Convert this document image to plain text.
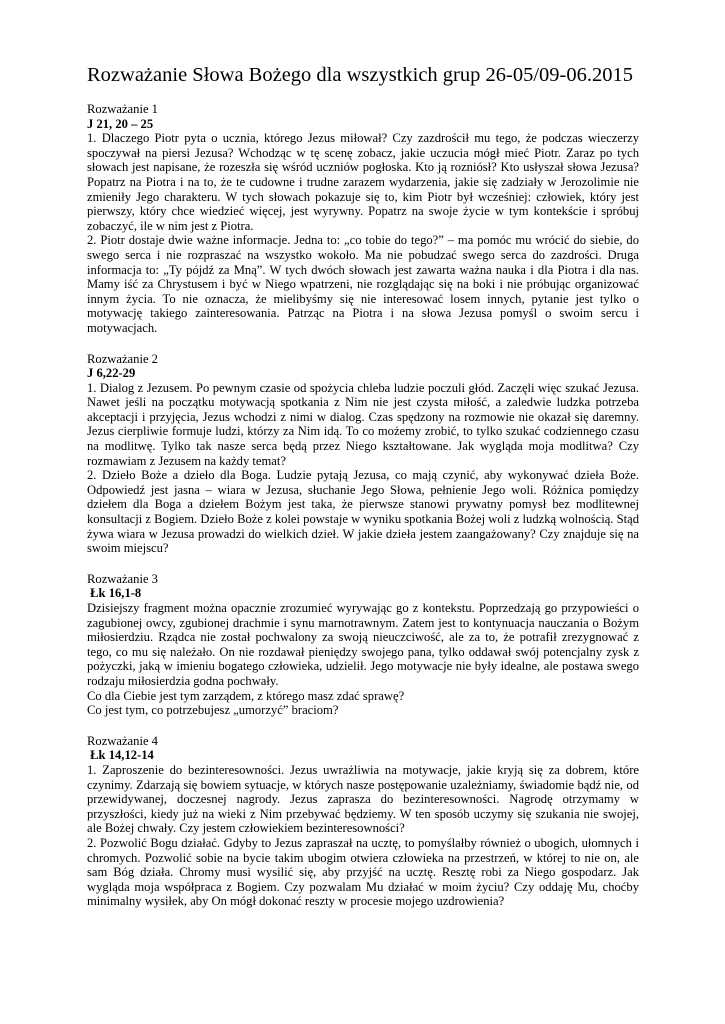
Rozważanie Słowa Bożego dla wszystkich grup 26-05/09-06.2015
Rozważanie 1
J 21, 20 – 25

1. Dlaczego Piotr pyta o ucznia, którego Jezus miłował? Czy zazdrościł mu tego, że podczas wieczerzy spoczywał na piersi Jezusa? Wchodząc w tę scenę zobacz, jakie uczucia mógł mieć Piotr. Zaraz po tych słowach jest napisane, że rozeszła się wśród uczniów pogłoska. Kto ją rozniósł? Kto usłyszał słowa Jezusa? Popatrz na Piotra i na to, że te cudowne i trudne zarazem wydarzenia, jakie się zadziały w Jerozolimie nie zmieniły Jego charakteru. W tych słowach pokazuje się to, kim Piotr był wcześniej: człowiek, który jest pierwszy, który chce wiedzieć więcej, jest wyrywny. Popatrz na swoje życie w tym kontekście i spróbuj zobaczyć, ile w nim jest z Piotra.

2. Piotr dostaje dwie ważne informacje. Jedna to: „co tobie do tego?” – ma pomóc mu wrócić do siebie, do swego serca i nie rozpraszać na wszystko wokoło. Ma nie pobudzać swego serca do zazdrości. Druga informacja to: „Ty pójdź za Mną”. W tych dwóch słowach jest zawarta ważna nauka i dla Piotra i dla nas. Mamy iść za Chrystusem i być w Niego wpatrzeni, nie rozglądając się na boki i nie próbując organizować innym życia. To nie oznacza, że mielibyśmy się nie interesować losem innych, pytanie jest tylko o motywację takiego zainteresowania. Patrząc na Piotra i na słowa Jezusa pomyśl o swoim sercu i motywacjach.

Rozważanie 2
J 6,22-29

1. Dialog z Jezusem. Po pewnym czasie od spożycia chleba ludzie poczuli głód. Zaczęli więc szukać Jezusa. Nawet jeśli na początku motywacją spotkania z Nim nie jest czysta miłość, a zaledwie ludzka potrzeba akceptacji i przyjęcia, Jezus wchodzi z nimi w dialog. Czas spędzony na rozmowie nie okazał się daremny. Jezus cierpliwie formuje ludzi, którzy za Nim idą. To co możemy zrobić, to tylko szukać codziennego czasu na modlitwę. Tylko tak nasze serca będą przez Niego kształtowane. Jak wygląda moja modlitwa? Czy rozmawiam z Jezusem na każdy temat?

2. Dzieło Boże a dzieło dla Boga. Ludzie pytają Jezusa, co mają czynić, aby wykonywać dzieła Boże. Odpowiedź jest jasna – wiara w Jezusa, słuchanie Jego Słowa, pełnienie Jego woli. Różnica pomiędzy dziełem dla Boga a dziełem Bożym jest taka, że pierwsze stanowi prywatny pomysł bez modlitewnej konsultacji z Bogiem. Dzieło Boże z kolei powstaje w wyniku spotkania Bożej woli z ludzką wolnością. Stąd żywa wiara w Jezusa prowadzi do wielkich dzieł. W jakie dzieła jestem zaangażowany? Czy znajduje się na swoim miejscu?

Rozważanie 3
Łk 16,1-8

Dzisiejszy fragment można opacznie zrozumieć wyrywając go z kontekstu. Poprzedzają go przypowieści o zagubionej owcy, zgubionej drachmie i synu marnotrawnym. Zatem jest to kontynuacja nauczania o Bożym miłosierdziu. Rządca nie został pochwalony za swoją nieuczciwość, ale za to, że potrafił zrezygnować z tego, co mu się należało. On nie rozdawał pieniędzy swojego pana, tylko oddawał swój potencjalny zysk z pożyczki, jaką w imieniu bogatego człowieka, udzielił. Jego motywacje nie były idealne, ale postawa swego rodzaju miłosierdzia godna pochwały.

Co dla Ciebie jest tym zarządem, z którego masz zdać sprawę?

Co jest tym, co potrzebujesz „umorzyć” braciom?

Rozważanie 4
Łk 14,12-14

1. Zaproszenie do bezinteresowności. Jezus uwrażliwia na motywacje, jakie kryją się za dobrem, które czynimy. Zdarzają się bowiem sytuacje, w których nasze postępowanie uzależniamy, świadomie bądź nie, od przewidywanej, doczesnej nagrody. Jezus zaprasza do bezinteresowności. Nagrodę otrzymamy w przyszłości, kiedy już na wieki z Nim przebywać będziemy. W ten sposób uczymy się szukania nie swojej, ale Bożej chwały. Czy jestem człowiekiem bezinteresowności?

2. Pozwolić Bogu działać. Gdyby to Jezus zapraszał na ucztę, to pomyślałby również o ubogich, ułomnych i chromych. Pozwolić sobie na bycie takim ubogim otwiera człowieka na przestrzeń, w której to nie on, ale sam Bóg działa. Chromy musi wysilić się, aby przyjść na ucztę. Resztę robi za Niego gospodarz. Jak wygląda moja współpraca z Bogiem. Czy pozwalam Mu działać w moim życiu? Czy oddaję Mu, choćby minimalny wysiłek, aby On mógł dokonać reszty w procesie mojego uzdrowienia?
